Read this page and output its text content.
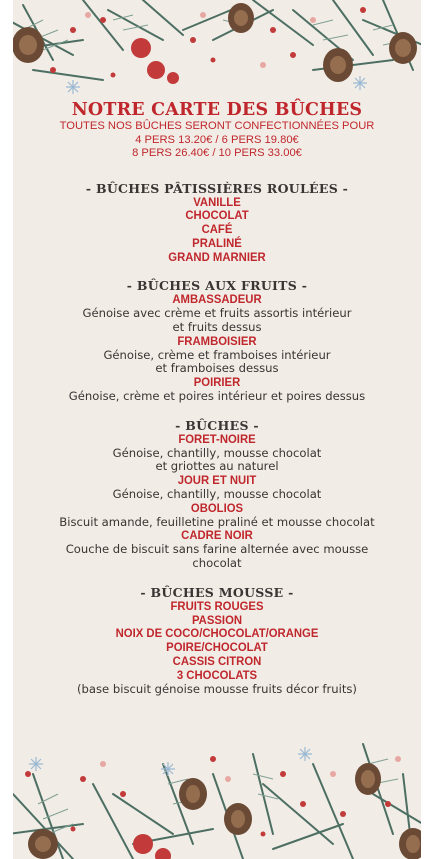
NOTRE CARTE DES BÛCHES
TOUTES NOS BÛCHES SERONT CONFECTIONNÉES POUR
4 PERS 13.20€ / 6 PERS 19.80€
8 PERS 26.40€ / 10 PERS 33.00€
- BÛCHES PÂTISSIÈRES ROULÉES -
VANILLE
CHOCOLAT
CAFÉ
PRALINÉ
GRAND MARNIER
- BÛCHES AUX FRUITS -
AMBASSADEUR
Génoise avec crème et fruits assortis intérieur
et fruits dessus
FRAMBOISIER
Génoise, crème et framboises intérieur
et framboises dessus
POIRIER
Génoise, crème et poires intérieur et poires dessus
- BÛCHES -
FORET-NOIRE
Génoise, chantilly, mousse chocolat
et griottes au naturel
JOUR ET NUIT
Génoise, chantilly, mousse chocolat
OBOLIOS
Biscuit amande, feuilletine praliné et mousse chocolat
CADRE NOIR
Couche de biscuit sans farine alternée avec mousse
chocolat
- BÛCHES MOUSSE -
FRUITS ROUGES
PASSION
NOIX DE COCO/CHOCOLAT/ORANGE
POIRE/CHOCOLAT
CASSIS CITRON
3 CHOCOLATS
(base biscuit génoise mousse fruits décor fruits)
